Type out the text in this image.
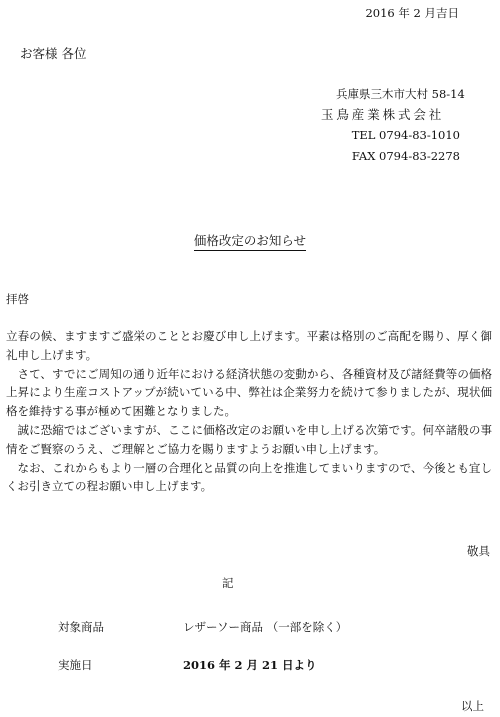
2016 年 2 月吉日
お客様 各位
兵庫県三木市大村 58-14
玉鳥産業株式会社
TEL 0794-83-1010
FAX 0794-83-2278
価格改定のお知らせ
拝啓

立春の候、ますますご盛栄のこととお慶び申し上げます。平素は格別のご高配を賜り、厚く御礼申し上げます。

さて、すでにご周知の通り近年における経済状態の変動から、各種資材及び諸経費等の価格上昇により生産コストアップが続いている中、弊社は企業努力を続けて参りましたが、現状価格を維持する事が極めて困難となりました。

誠に恐縮ではございますが、ここに価格改定のお願いを申し上げる次第です。何卒諸般の事情をご賢察のうえ、ご理解とご協力を賜りますようお願い申し上げます。

なお、これからもより一層の合理化と品質の向上を推進してまいりますので、今後とも宜しくお引き立ての程お願い申し上げます。

敬具
記
対象商品	レザーソー商品 （一部を除く）
実施日	2016 年 2 月 21 日より
以上
